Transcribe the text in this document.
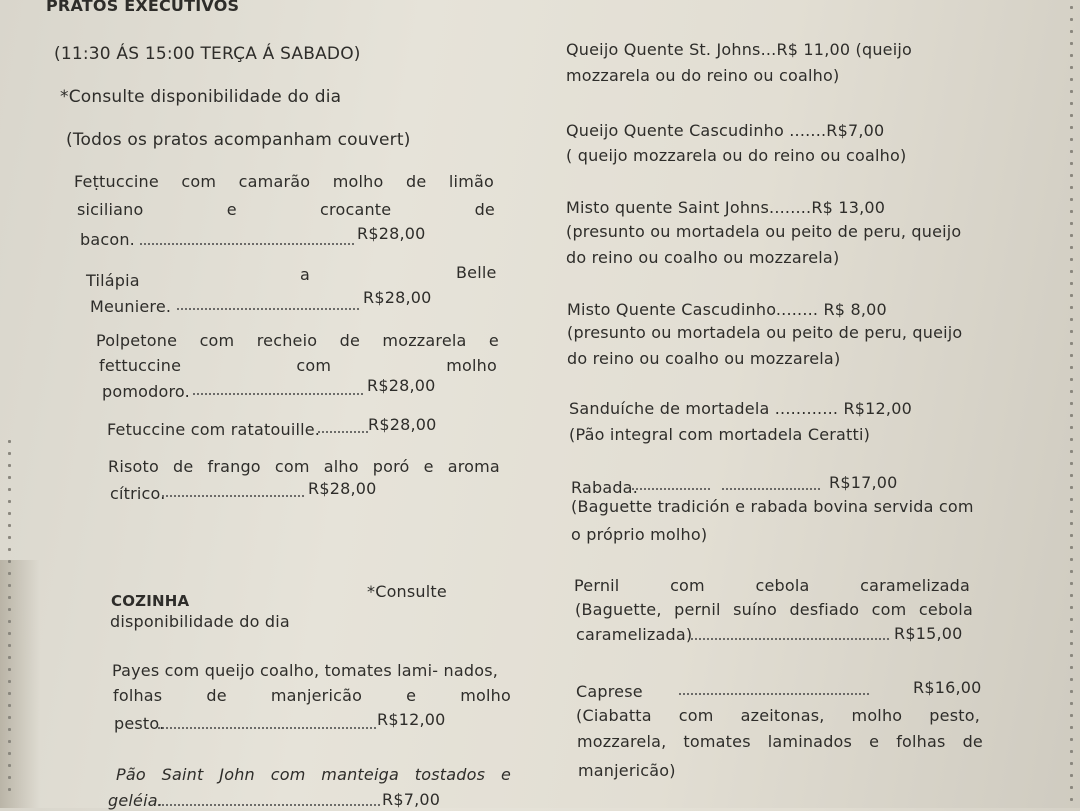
PRATOS EXECUTIVOS
(11:30 ÁS 15:00 TERÇA Á SABADO)
*Consulte disponibilidade do dia
(Todos os pratos acompanham couvert)
Feṭtuccine com camarão molho de limão
siciliano	e	crocante	de
bacon.	R$28,00
Tilápia	a	Belle
Meuniere.	R$28,00
Polpetone com recheio de mozzarela e
fettuccine	com	molho
pomodoro.	R$28,00
Fetuccine com ratatouille.	R$28,00
Risoto de frango com alho poró e aroma
cítrico.	R$28,00
COZINHA	*Consulte
disponibilidade do dia
Payes com queijo coalho, tomates lami- nados,
folhas	de	manjericão	e	molho
pesto.	R$12,00
Pão Saint John com manteiga tostados e
geléia.	R$7,00
Queijo Quente St. Johns...R$ 11,00 (queijo
mozzarela ou do reino ou coalho)
Queijo Quente Cascudinho .......R$7,00
( queijo mozzarela ou do reino ou coalho)
Misto quente Saint Johns........R$ 13,00
(presunto ou mortadela ou peito de peru, queijo
do reino ou coalho ou mozzarela)
Misto Quente Cascudinho........ R$ 8,00
(presunto ou mortadela ou peito de peru, queijo
do reino ou coalho ou mozzarela)
Sanduíche de mortadela ............ R$12,00
(Pão integral com mortadela Ceratti)
Rabada.	R$17,00
(Baguette tradición e rabada bovina servida com
o próprio molho)
Pernil	com	cebola	caramelizada
(Baguette, pernil suíno desfiado com cebola
caramelizada)	R$15,00
Caprese	R$16,00
(Ciabatta com azeitonas, molho pesto,
mozzarela, tomates laminados e folhas de
manjericão)
